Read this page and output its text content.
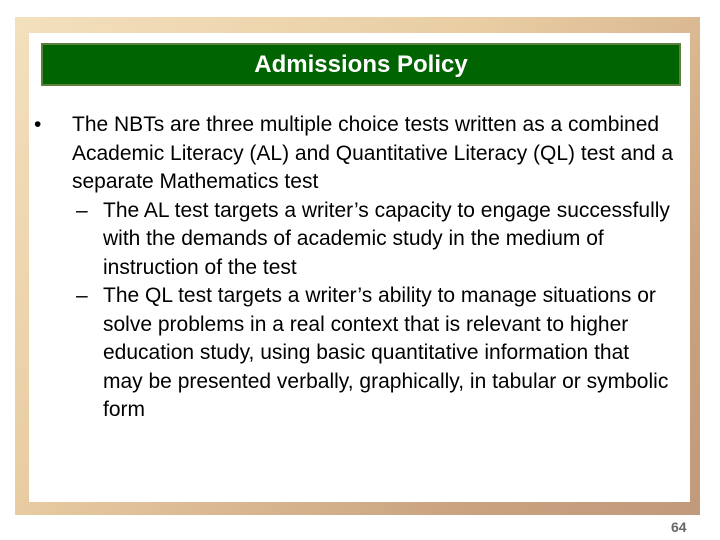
Admissions Policy
• The NBTs are three multiple choice tests written as a combined Academic Literacy (AL) and Quantitative Literacy (QL) test and a separate Mathematics test
– The AL test targets a writer’s capacity to engage successfully with the demands of academic study in the medium of instruction of the test
– The QL test targets a writer’s ability to manage situations or solve problems in a real context that is relevant to higher education study, using basic quantitative information that may be presented verbally, graphically, in tabular or symbolic form
64
